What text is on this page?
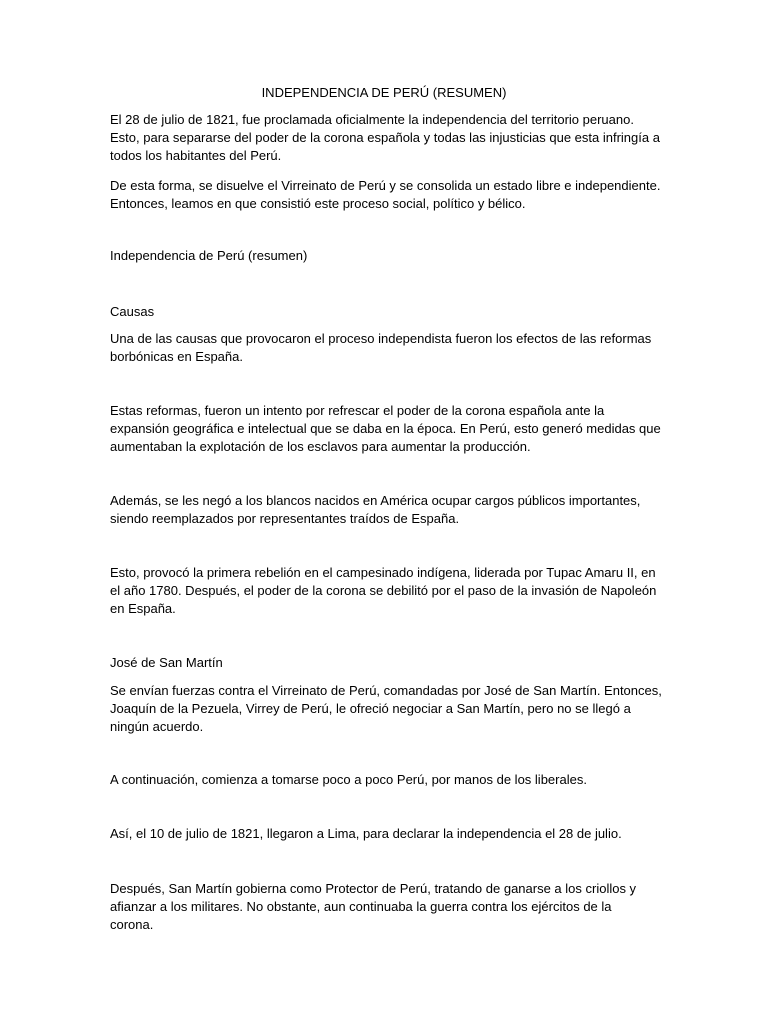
INDEPENDENCIA DE PERÚ (RESUMEN)

El 28 de julio de 1821, fue proclamada oficialmente la independencia del territorio peruano.
Esto, para separarse del poder de la corona española y todas las injusticias que esta infringía a
todos los habitantes del Perú.

De esta forma, se disuelve el Virreinato de Perú y se consolida un estado libre e independiente.
Entonces, leamos en que consistió este proceso social, político y bélico.

Independencia de Perú (resumen)

Causas

Una de las causas que provocaron el proceso independista fueron los efectos de las reformas
borbónicas en España.

Estas reformas, fueron un intento por refrescar el poder de la corona española ante la
expansión geográfica e intelectual que se daba en la época. En Perú, esto generó medidas que
aumentaban la explotación de los esclavos para aumentar la producción.

Además, se les negó a los blancos nacidos en América ocupar cargos públicos importantes,
siendo reemplazados por representantes traídos de España.

Esto, provocó la primera rebelión en el campesinado indígena, liderada por Tupac Amaru II, en
el año 1780. Después, el poder de la corona se debilitó por el paso de la invasión de Napoleón
en España.

José de San Martín

Se envían fuerzas contra el Virreinato de Perú, comandadas por José de San Martín. Entonces,
Joaquín de la Pezuela, Virrey de Perú, le ofreció negociar a San Martín, pero no se llegó a
ningún acuerdo.

A continuación, comienza a tomarse poco a poco Perú, por manos de los liberales.

Así, el 10 de julio de 1821, llegaron a Lima, para declarar la independencia el 28 de julio.

Después, San Martín gobierna como Protector de Perú, tratando de ganarse a los criollos y
afianzar a los militares. No obstante, aun continuaba la guerra contra los ejércitos de la
corona.
